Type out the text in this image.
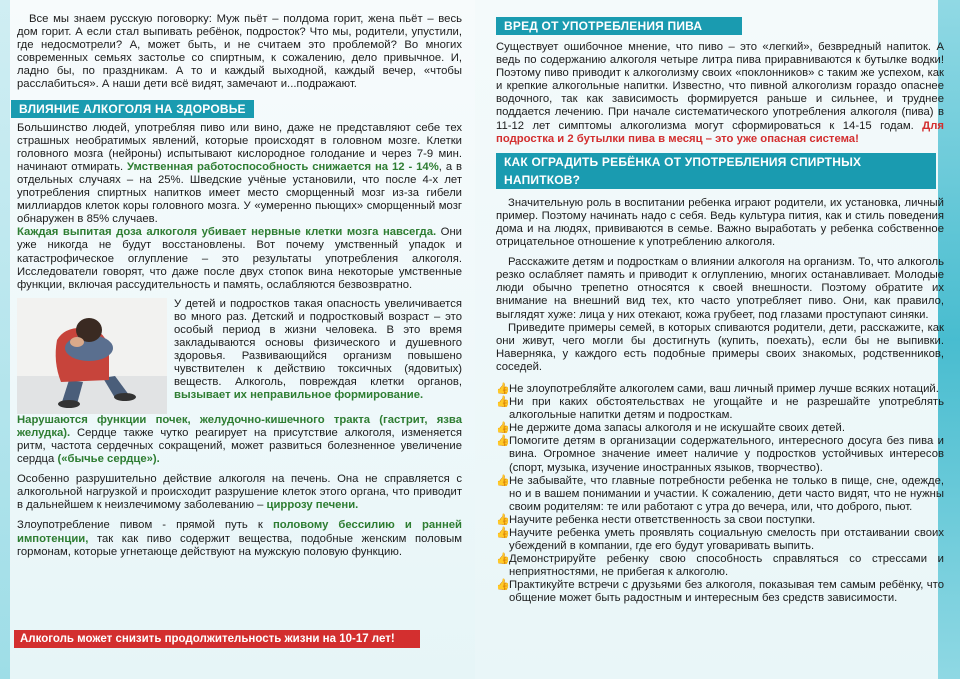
Все мы знаем русскую поговорку: Муж пьёт – полдома горит, жена пьёт – весь дом горит. А если стал выпивать ребёнок, подросток? Что мы, родители, упустили, где недосмотрели? А, может быть, и не считаем это проблемой? Во многих современных семьях застолье со спиртным, к сожалению, дело привычное. И, ладно бы, по праздникам. А то и каждый выходной, каждый вечер, «чтобы расслабиться». А наши дети всё видят, замечают и...подражают.

ВЛИЯНИЕ АЛКОГОЛЯ НА ЗДОРОВЬЕ

Большинство людей, употребляя пиво или вино, даже не представляют себе тех страшных необратимых явлений, которые происходят в головном мозге. Клетки головного мозга (нейроны) испытывают кислородное голодание и через 7-9 мин. начинают отмирать. Умственная работоспособность снижается на 12 - 14%, а в отдельных случаях – на 25%. Шведские учёные установили, что после 4-х лет употребления спиртных напитков имеет место сморщенный мозг из-за гибели миллиардов клеток коры головного мозга. У «умеренно пьющих» сморщенный мозг обнаружен в 85% случаев.

Каждая выпитая доза алкоголя убивает нервные клетки мозга навсегда. Они уже никогда не будут восстановлены. Вот почему умственный упадок и катастрофическое оглупление – это результаты употребления алкоголя. Исследователи говорят, что даже после двух стопок вина некоторые умственные функции, включая рассудительность и память, ослабляются безвозвратно.

У детей и подростков такая опасность увеличивается во много раз. Детский и подростковый возраст – это особый период в жизни человека. В это время закладываются основы физического и душевного здоровья. Развивающийся организм повышено чувствителен к действию токсичных (ядовитых) веществ. Алкоголь, повреждая клетки органов, вызывает их неправильное формирование.

Нарушаются функции почек, желудочно-кишечного тракта (гастрит, язва желудка). Сердце также чутко реагирует на присутствие алкоголя, изменяется ритм, частота сердечных сокращений, может развиться болезненное увеличение сердца («бычье сердце»).

Особенно разрушительно действие алкоголя на печень. Она не справляется с алкогольной нагрузкой и происходит разрушение клеток этого органа, что приводит в дальнейшем к неизлечимому заболеванию – циррозу печени.

Злоупотребление пивом - прямой путь к половому бессилию и ранней импотенции, так как пиво содержит вещества, подобные женским половым гормонам, которые угнетающе действуют на мужскую половую функцию.

Алкоголь может снизить продолжительность жизни на 10-17 лет!
ВРЕД ОТ УПОТРЕБЛЕНИЯ ПИВА

Существует ошибочное мнение, что пиво – это «легкий», безвредный напиток. А ведь по содержанию алкоголя четыре литра пива приравниваются к бутылке водки! Поэтому пиво приводит к алкоголизму своих «поклонников» с таким же успехом, как и крепкие алкогольные напитки. Известно, что пивной алкоголизм гораздо опаснее водочного, так как зависимость формируется раньше и сильнее, и труднее поддается лечению. При начале систематического употребления алкоголя (пива) в 11-12 лет симптомы алкоголизма могут сформироваться к 14-15 годам. Для подростка и 2 бутылки пива в месяц – это уже опасная система!

КАК ОГРАДИТЬ РЕБЁНКА ОТ УПОТРЕБЛЕНИЯ СПИРТНЫХ НАПИТКОВ?

Значительную роль в воспитании ребенка играют родители, их установка, личный пример. Поэтому начинать надо с себя. Ведь культура пития, как и стиль поведения дома и на людях, прививаются в семье. Важно выработать у ребенка собственное отрицательное отношение к употреблению алкоголя.

Расскажите детям и подросткам о влиянии алкоголя на организм. То, что алкоголь резко ослабляет память и приводит к оглуплению, многих останавливает. Молодые люди обычно трепетно относятся к своей внешности. Поэтому обратите их внимание на внешний вид тех, кто часто употребляет пиво. Они, как правило, выглядят хуже: лица у них отекают, кожа грубеет, под глазами проступают синяки.

Приведите примеры семей, в которых спиваются родители, дети, расскажите, как они живут, чего могли бы достигнуть (купить, поехать), если бы не выпивки. Наверняка, у каждого есть подобные примеры своих знакомых, родственников, соседей.

👍 Не злоупотребляйте алкоголем сами, ваш личный пример лучше всяких нотаций.
👍 Ни при каких обстоятельствах не угощайте и не разрешайте употреблять алкогольные напитки детям и подросткам.
👍 Не держите дома запасы алкоголя и не искушайте своих детей.
👍 Помогите детям в организации содержательного, интересного досуга без пива и вина. Огромное значение имеет наличие у подростков устойчивых интересов (спорт, музыка, изучение иностранных языков, творчество).
👍 Не забывайте, что главные потребности ребенка не только в пище, сне, одежде, но и в вашем понимании и участии. К сожалению, дети часто видят, что не нужны своим родителям: те или работают с утра до вечера, или, что доброго, пьют.
👍 Научите ребенка нести ответственность за свои поступки.
👍 Научите ребенка уметь проявлять социальную смелость при отстаивании своих убеждений в компании, где его будут уговаривать выпить.
👍 Демонстрируйте ребенку свою способность справляться со стрессами и неприятностями, не прибегая к алкоголю.
👍 Практикуйте встречи с друзьями без алкоголя, показывая тем самым ребёнку, что общение может быть радостным и интересным без средств зависимости.
